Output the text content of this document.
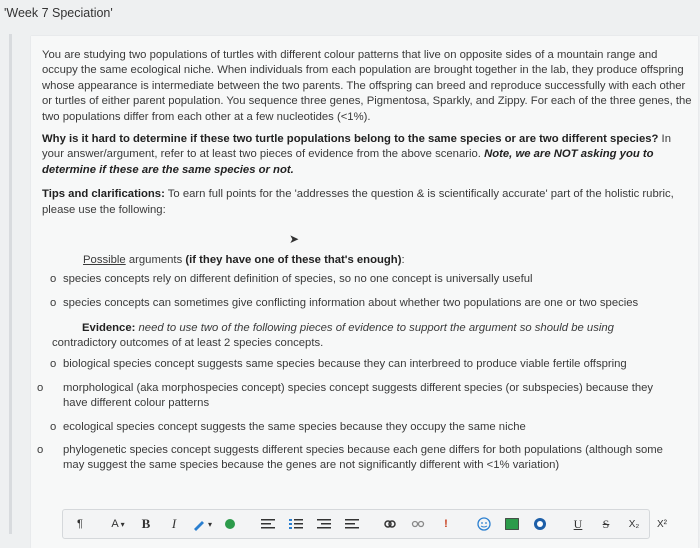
'Week 7 Speciation'

You are studying two populations of turtles with different colour patterns that live on opposite sides of a mountain range and occupy the same ecological niche. When individuals from each population are brought together in the lab, they produce offspring whose appearance is intermediate between the two parents. The offspring can breed and reproduce successfully with each other or turtles of either parent population. You sequence three genes, Pigmentosa, Sparkly, and Zippy. For each of the three genes, the two populations differ from each other at a few nucleotides (<1%).

Why is it hard to determine if these two turtle populations belong to the same species or are two different species? In your answer/argument, refer to at least two pieces of evidence from the above scenario. Note, we are NOT asking you to determine if these are the same species or not.

Tips and clarifications: To earn full points for the 'addresses the question & is scientifically accurate' part of the holistic rubric, please use the following:

➤
Possible arguments (if they have one of these that's enough):
o species concepts rely on different definition of species, so no one concept is universally useful
o species concepts can sometimes give conflicting information about whether two populations are one or two species
Evidence: need to use two of the following pieces of evidence to support the argument so should be using
contradictory outcomes of at least 2 species concepts.
o biological species concept suggests same species because they can interbreed to produce viable fertile offspring
o morphological (aka morphospecies concept) species concept suggests different species (or subspecies) because they have different colour patterns
o ecological species concept suggests the same species because they occupy the same niche
o phylogenetic species concept suggests different species because each gene differs for both populations (although some may suggest the same species because the genes are not significantly different with <1% variation)
¶	A ▾	B	I	▾	!	U S X₂ X²
